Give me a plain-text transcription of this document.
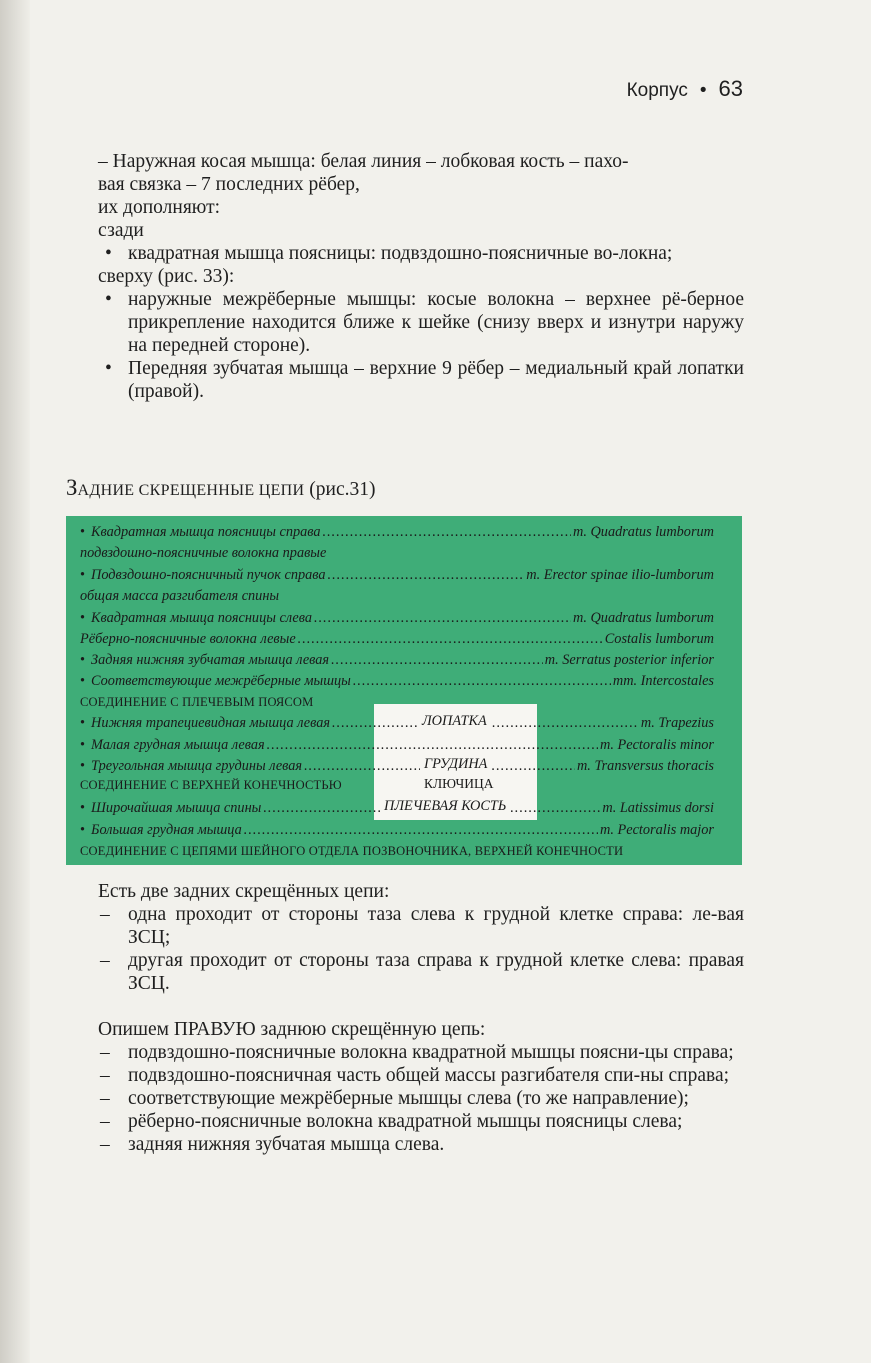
Корпус • 63

– Наружная косая мышца: белая линия – лобковая кость – пахо-

вая связка – 7 последних рёбер,

их дополняют:

сзади

• квадратная мышца поясницы: подвздошно-поясничные во-локна;

сверху (рис. 33):

• наружные межрёберные мышцы: косые волокна – верхнее рё-берное прикрепление находится ближе к шейке (снизу вверх и изнутри наружу на передней стороне).
• Передняя зубчатая мышца – верхние 9 рёбер – медиальный край лопатки (правой).
ЗАДНИЕ СКРЕЩЕННЫЕ ЦЕПИ (рис.31)
• Квадратная мышца поясницы справа .....	m. Quadratus lumborum
подвздошно-поясничные волокна правые
• Подвздошно-поясничный пучок справа .....	m. Erector spinae ilio-lumborum
общая масса разгибателя спины
• Квадратная мышца поясницы слева .....	m. Quadratus lumborum
Рёберно-поясничные волокна левые .....	Costalis lumborum
• Задняя нижняя зубчатая мышца левая .....	m. Serratus posterior inferior
• Соответствующие межрёберные мышцы .....	mm. Intercostales
СОЕДИНЕНИЕ С ПЛЕЧЕВЫМ ПОЯСОМ
• Нижняя трапециевидная мышца левая .....	m. Trapezius
• Малая грудная мышца левая .....	m. Pectoralis minor
• Треугольная мышца грудины левая .....	m. Transversus thoracis
СОЕДИНЕНИЕ С ВЕРХНЕЙ КОНЕЧНОСТЬЮ
• Широчайшая мышца спины .....	m. Latissimus dorsi
• Большая грудная мышца .....	m. Pectoralis major
СОЕДИНЕНИЕ С ЦЕПЯМИ ШЕЙНОГО ОТДЕЛА ПОЗВОНОЧНИКА, ВЕРХНЕЙ КОНЕЧНОСТИ
ЛОПАТКА
ГРУДИНА
КЛЮЧИЦА
ПЛЕЧЕВАЯ КОСТЬ

Есть две задних скрещённых цепи:

– одна проходит от стороны таза слева к грудной клетке справа: ле-вая ЗСЦ;
– другая проходит от стороны таза справа к грудной клетке слева: правая ЗСЦ.

Опишем ПРАВУЮ заднюю скрещённую цепь:

– подвздошно-поясничные волокна квадратной мышцы поясни-цы справа;
– подвздошно-поясничная часть общей массы разгибателя спи-ны справа;
– соответствующие межрёберные мышцы слева (то же направление);
– рёберно-поясничные волокна квадратной мышцы поясницы слева;
– задняя нижняя зубчатая мышца слева.
